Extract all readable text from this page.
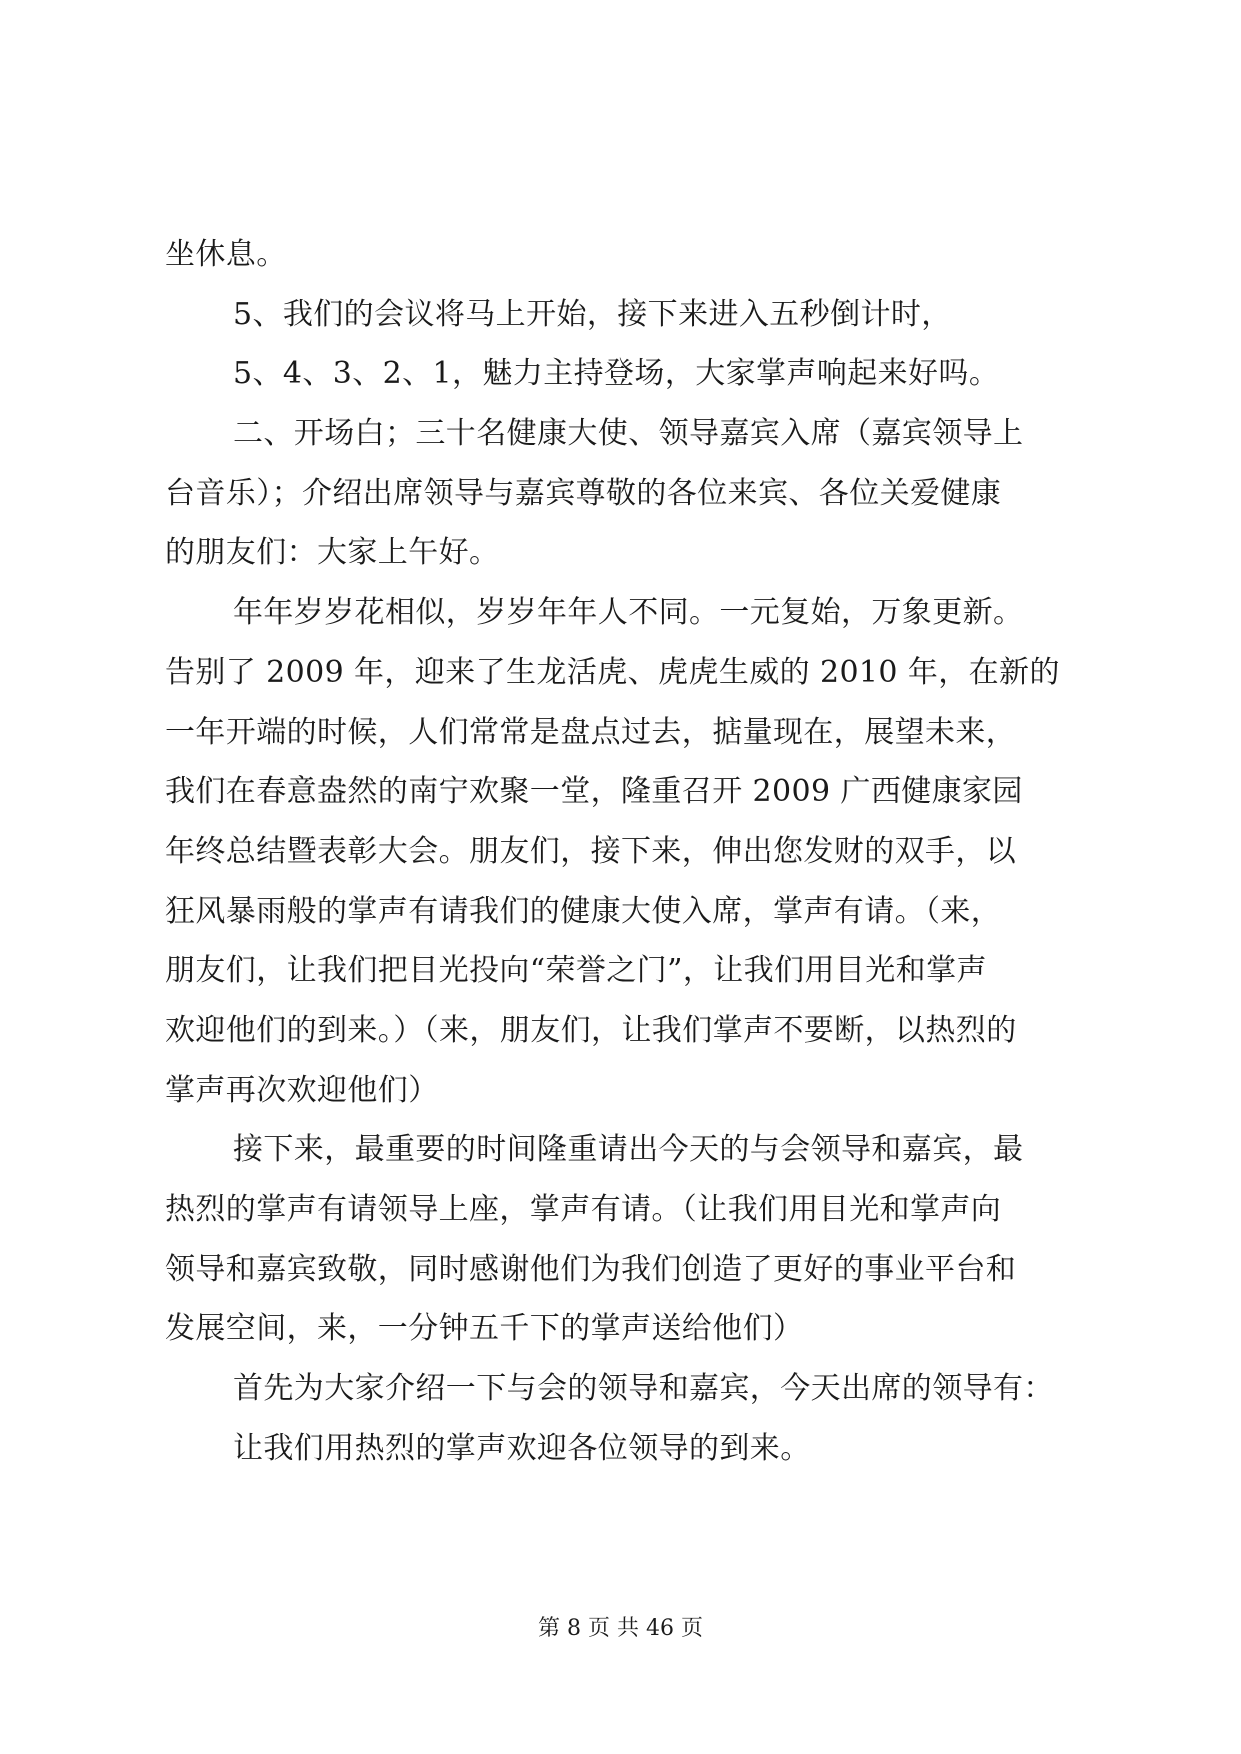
坐休息。
5、我们的会议将马上开始，接下来进入五秒倒计时，
5、4、3、2、1，魅力主持登场，大家掌声响起来好吗。
二、开场白；三十名健康大使、领导嘉宾入席（嘉宾领导上
台音乐）；介绍出席领导与嘉宾尊敬的各位来宾、各位关爱健康
的朋友们：大家上午好。
年年岁岁花相似，岁岁年年人不同。一元复始，万象更新。
告别了 2009 年，迎来了生龙活虎、虎虎生威的 2010 年，在新的
一年开端的时候，人们常常是盘点过去，掂量现在，展望未来，
我们在春意盎然的南宁欢聚一堂，隆重召开 2009 广西健康家园
年终总结暨表彰大会。朋友们，接下来，伸出您发财的双手，以
狂风暴雨般的掌声有请我们的健康大使入席，掌声有请。（来，
朋友们，让我们把目光投向“荣誉之门”，让我们用目光和掌声
欢迎他们的到来。）（来，朋友们，让我们掌声不要断，以热烈的
掌声再次欢迎他们）
接下来，最重要的时间隆重请出今天的与会领导和嘉宾，最
热烈的掌声有请领导上座，掌声有请。（让我们用目光和掌声向
领导和嘉宾致敬，同时感谢他们为我们创造了更好的事业平台和
发展空间，来，一分钟五千下的掌声送给他们）
首先为大家介绍一下与会的领导和嘉宾，今天出席的领导有：
让我们用热烈的掌声欢迎各位领导的到来。
第 8 页 共 46 页
